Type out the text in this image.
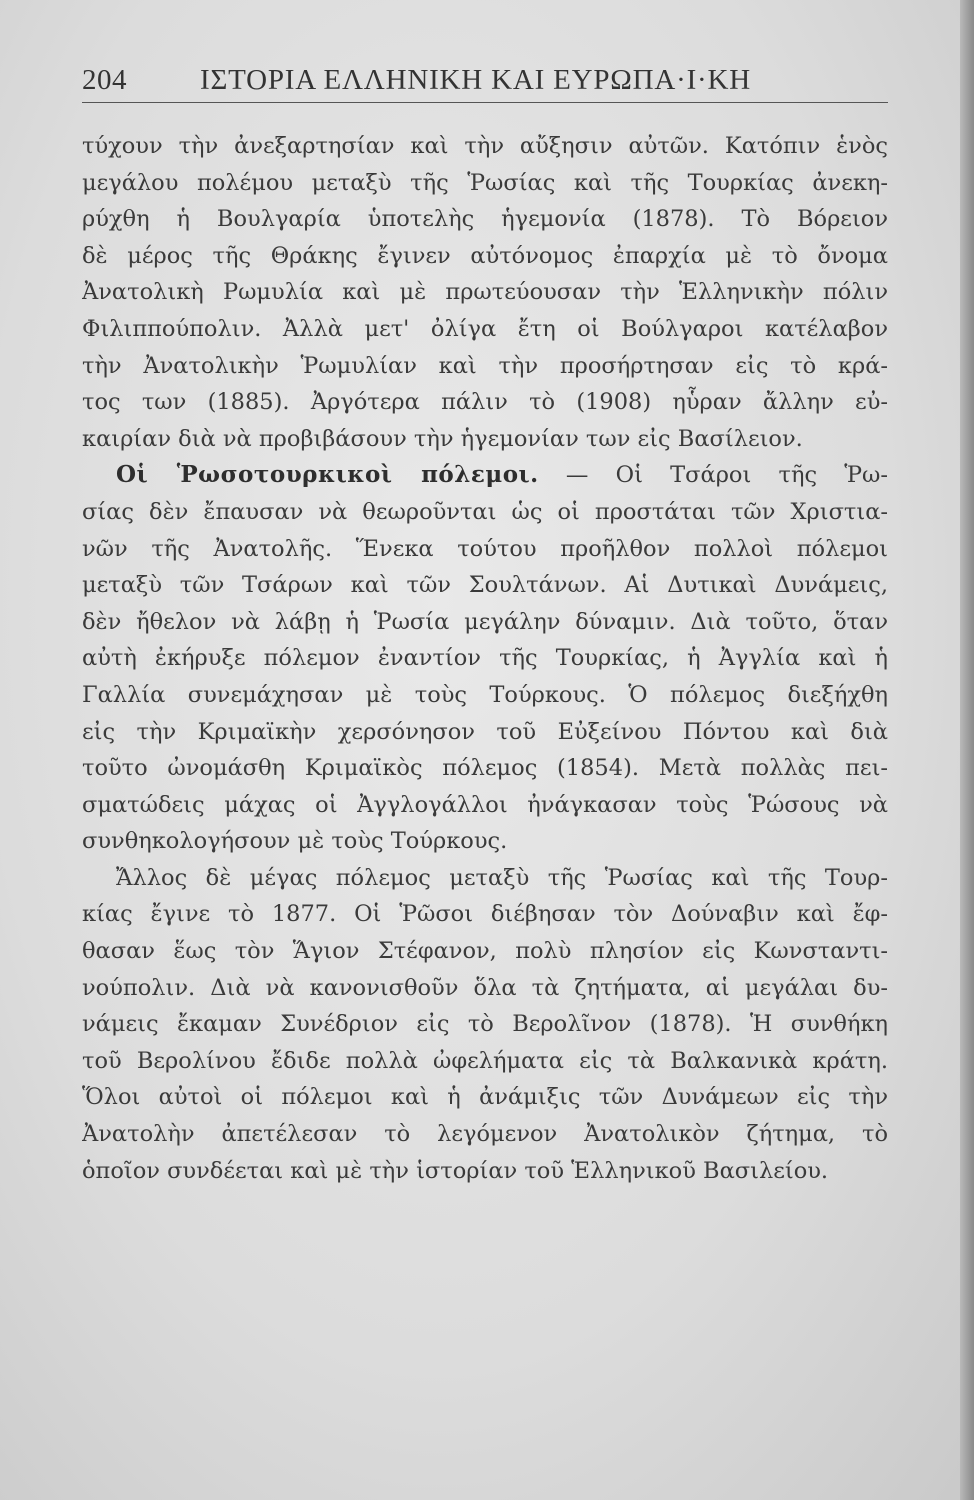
204	ΙΣΤΟΡΙΑ ΕΛΛΗΝΙΚΗ ΚΑΙ ΕΥΡΩΠΑ·Ι·ΚΗ
τύχουν τὴν ἀνεξαρτησίαν καὶ τὴν αὔξησιν αὐτῶν. Κατόπιν ἑνὸς
μεγάλου πολέμου μεταξὺ τῆς Ῥωσίας καὶ τῆς Τουρκίας ἀνεκη-
ρύχθη ἡ Βουλγαρία ὑποτελὴς ἡγεμονία (1878). Τὸ Βόρειον
δὲ μέρος τῆς Θράκης ἔγινεν αὐτόνομος ἐπαρχία μὲ τὸ ὄνομα
Ἀνατολικὴ Ρωμυλία καὶ μὲ πρωτεύουσαν τὴν Ἑλληνικὴν πόλιν
Φιλιππούπολιν. Ἀλλὰ μετ' ὀλίγα ἔτη οἱ Βούλγαροι κατέλαβον
τὴν Ἀνατολικὴν Ῥωμυλίαν καὶ τὴν προσήρτησαν εἰς τὸ κρά-
τος των (1885). Ἀργότερα πάλιν τὸ (1908) ηὗραν ἄλλην εὐ-
καιρίαν διὰ νὰ προβιβάσουν τὴν ἡγεμονίαν των εἰς Βασίλειον.
Οἱ Ῥωσοτουρκικοὶ πόλεμοι. — Οἱ Τσάροι τῆς Ῥω-
σίας δὲν ἔπαυσαν νὰ θεωροῦνται ὡς οἱ προστάται τῶν Χριστια-
νῶν τῆς Ἀνατολῆς. Ἕνεκα τούτου προῆλθον πολλοὶ πόλεμοι
μεταξὺ τῶν Τσάρων καὶ τῶν Σουλτάνων. Αἱ Δυτικαὶ Δυνάμεις,
δὲν ἤθελον νὰ λάβῃ ἡ Ῥωσία μεγάλην δύναμιν. Διὰ τοῦτο, ὅταν
αὐτὴ ἐκήρυξε πόλεμον ἐναντίον τῆς Τουρκίας, ἡ Ἀγγλία καὶ ἡ
Γαλλία συνεμάχησαν μὲ τοὺς Τούρκους. Ὁ πόλεμος διεξήχθη
εἰς τὴν Κριμαϊκὴν χερσόνησον τοῦ Εὐξείνου Πόντου καὶ διὰ
τοῦτο ὠνομάσθη Κριμαϊκὸς πόλεμος (1854). Μετὰ πολλὰς πει-
σματώδεις μάχας οἱ Ἀγγλογάλλοι ἠνάγκασαν τοὺς Ῥώσους νὰ
συνθηκολογήσουν μὲ τοὺς Τούρκους.
Ἄλλος δὲ μέγας πόλεμος μεταξὺ τῆς Ῥωσίας καὶ τῆς Τουρ-
κίας ἔγινε τὸ 1877. Οἱ Ῥῶσοι διέβησαν τὸν Δούναβιν καὶ ἔφ-
θασαν ἕως τὸν Ἅγιον Στέφανον, πολὺ πλησίον εἰς Κωνσταντι-
νούπολιν. Διὰ νὰ κανονισθοῦν ὅλα τὰ ζητήματα, αἱ μεγάλαι δυ-
νάμεις ἔκαμαν Συνέδριον εἰς τὸ Βερολῖνον (1878). Ἡ συνθήκη
τοῦ Βερολίνου ἔδιδε πολλὰ ὠφελήματα εἰς τὰ Βαλκανικὰ κράτη.
Ὅλοι αὐτοὶ οἱ πόλεμοι καὶ ἡ ἀνάμιξις τῶν Δυνάμεων εἰς τὴν
Ἀνατολὴν ἀπετέλεσαν τὸ λεγόμενον Ἀνατολικὸν ζήτημα, τὸ
ὁποῖον συνδέεται καὶ μὲ τὴν ἱστορίαν τοῦ Ἑλληνικοῦ Βασιλείου.
